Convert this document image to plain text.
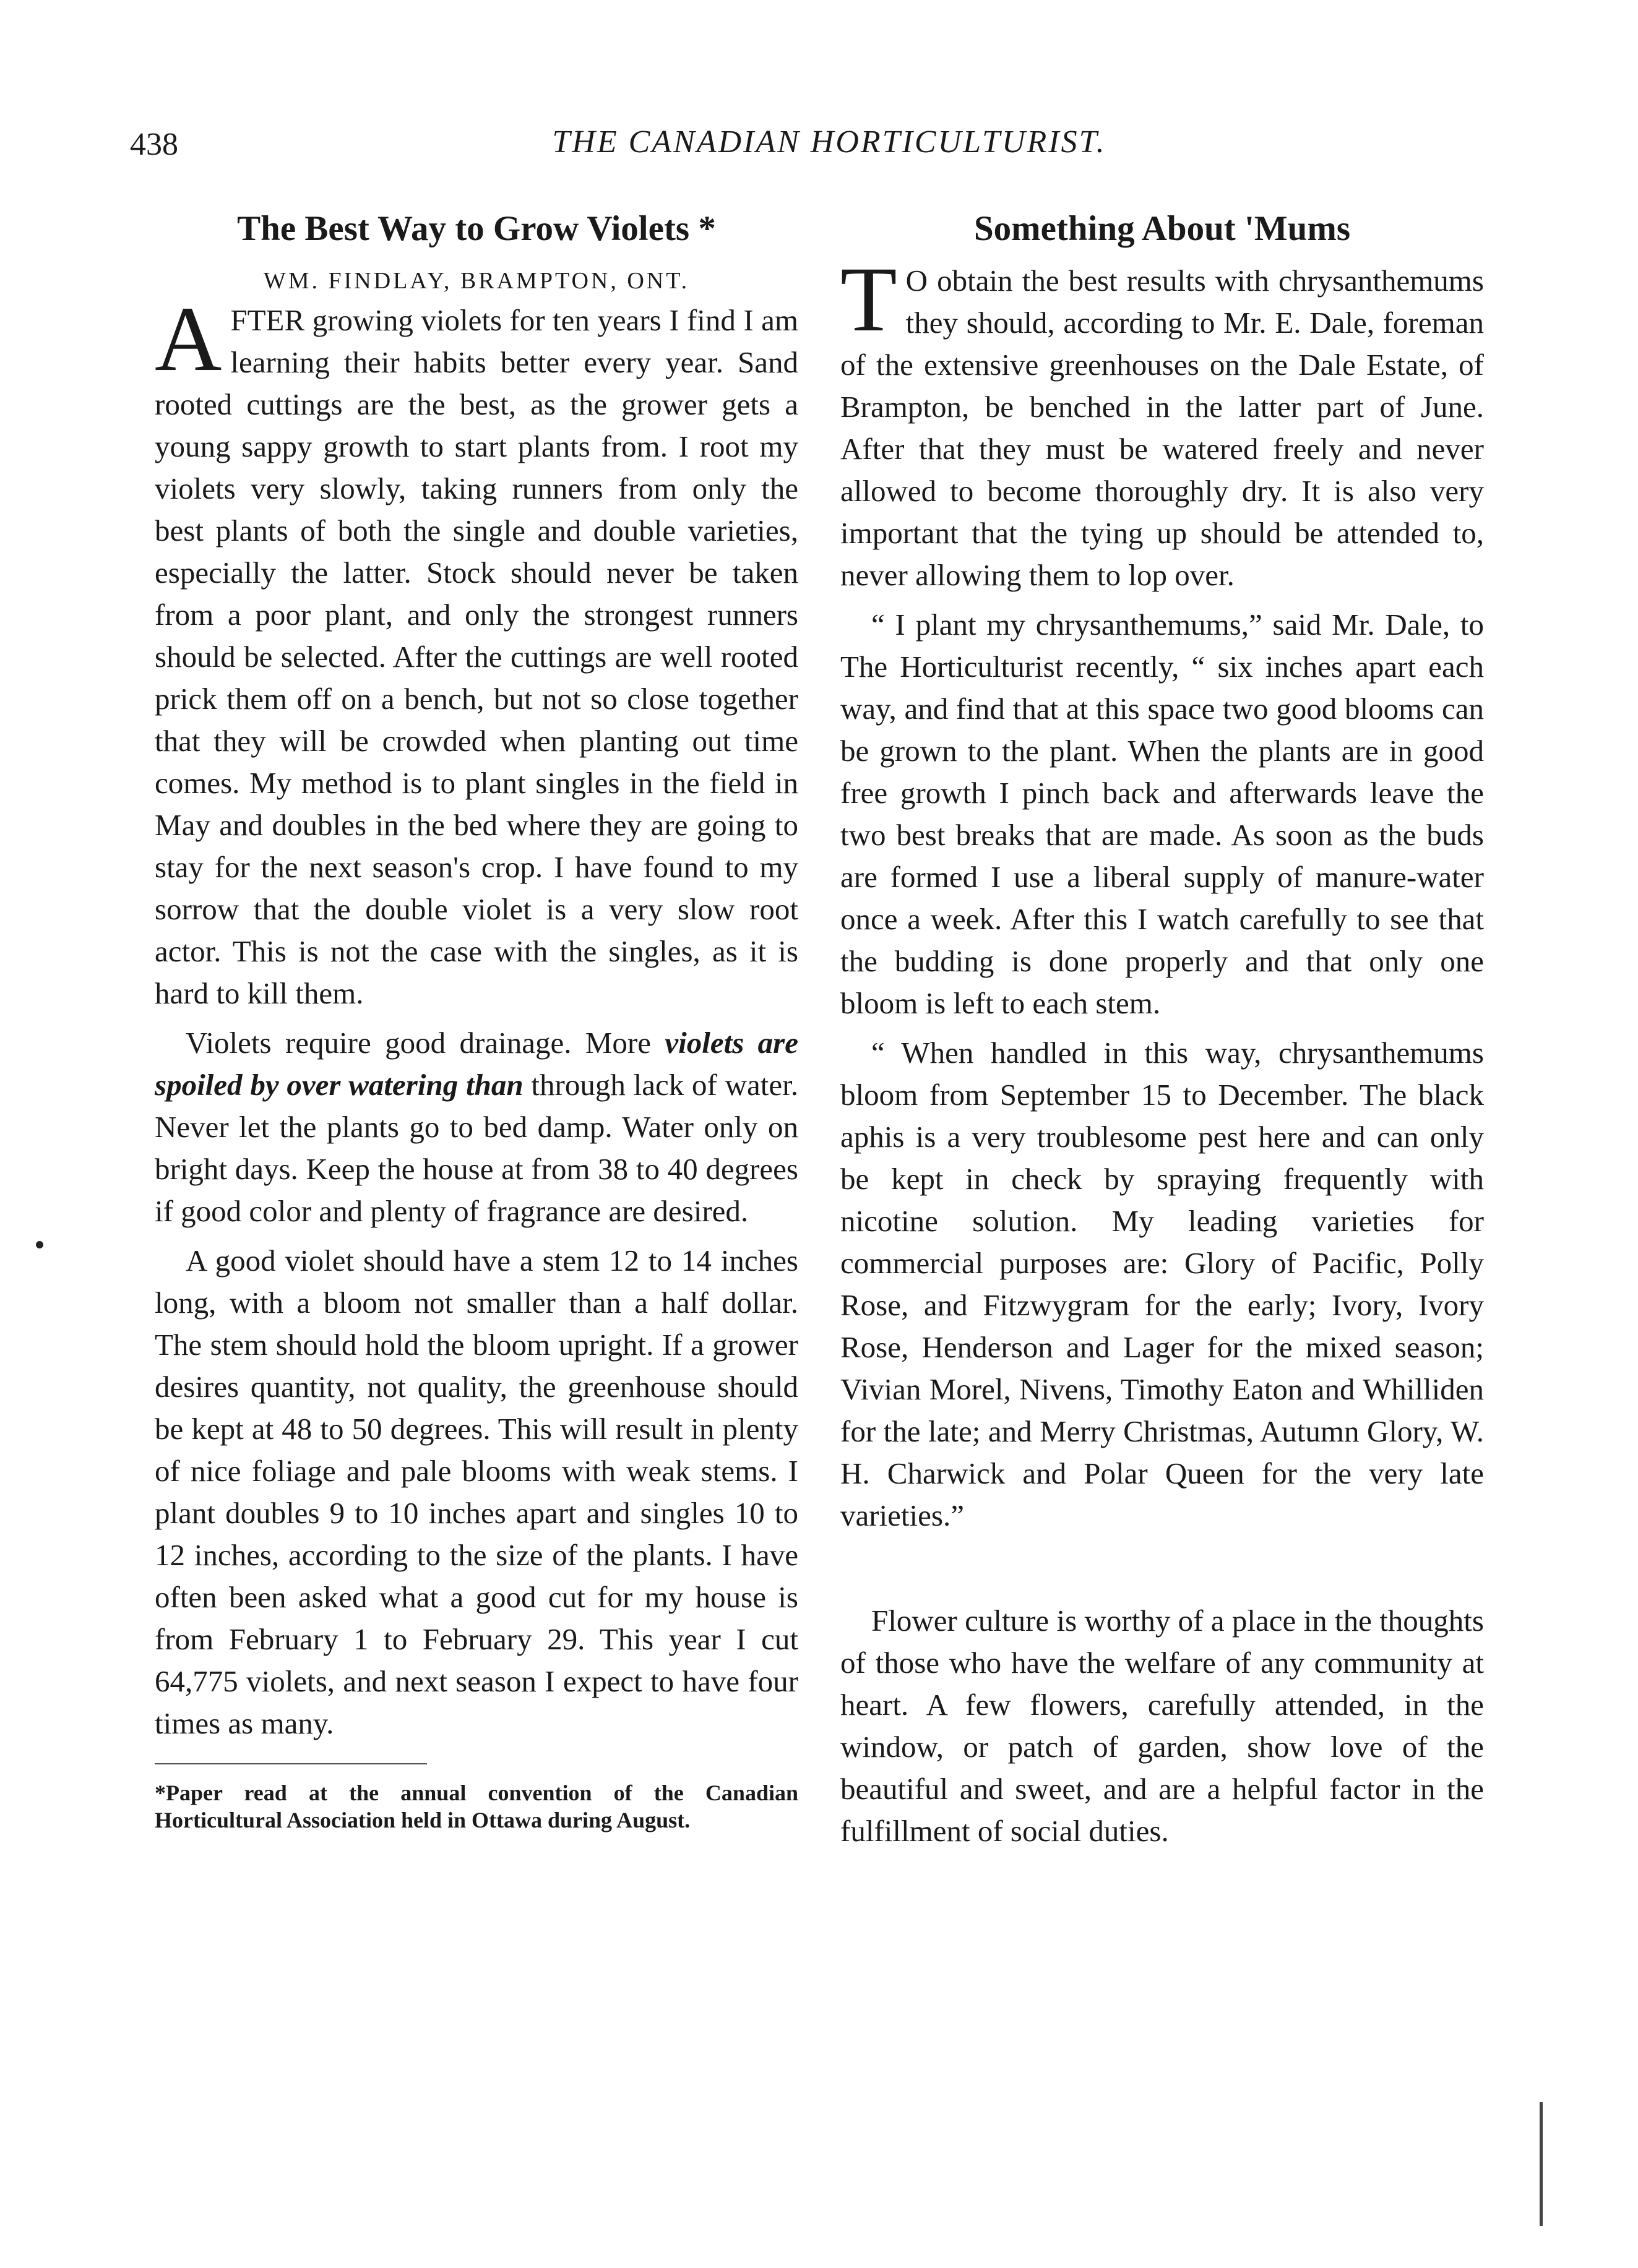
438	THE CANADIAN HORTICULTURIST.
The Best Way to Grow Violets *
WM. FINDLAY, BRAMPTON, ONT.

AFTER growing violets for ten years I find I am learning their habits better every year. Sand rooted cuttings are the best, as the grower gets a young sappy growth to start plants from. I root my violets very slowly, taking runners from only the best plants of both the single and double varieties, especially the latter. Stock should never be taken from a poor plant, and only the strongest runners should be selected. After the cuttings are well rooted prick them off on a bench, but not so close together that they will be crowded when planting out time comes. My method is to plant singles in the field in May and doubles in the bed where they are going to stay for the next season's crop. I have found to my sorrow that the double violet is a very slow root actor. This is not the case with the singles, as it is hard to kill them.

Violets require good drainage. More violets are spoiled by over watering than through lack of water. Never let the plants go to bed damp. Water only on bright days. Keep the house at from 38 to 40 degrees if good color and plenty of fragrance are desired.

A good violet should have a stem 12 to 14 inches long, with a bloom not smaller than a half dollar. The stem should hold the bloom upright. If a grower desires quantity, not quality, the greenhouse should be kept at 48 to 50 degrees. This will result in plenty of nice foliage and pale blooms with weak stems. I plant doubles 9 to 10 inches apart and singles 10 to 12 inches, according to the size of the plants. I have often been asked what a good cut for my house is from February 1 to February 29. This year I cut 64,775 violets, and next season I expect to have four times as many.

*Paper read at the annual convention of the Canadian Horticultural Association held in Ottawa during August.
Something About 'Mums

T O obtain the best results with chrysanthemums they should, according to Mr. E. Dale, foreman of the extensive greenhouses on the Dale Estate, of Brampton, be benched in the latter part of June. After that they must be watered freely and never allowed to become thoroughly dry. It is also very important that the tying up should be attended to, never allowing them to lop over.

“ I plant my chrysanthemums,” said Mr. Dale, to The Horticulturist recently, “ six inches apart each way, and find that at this space two good blooms can be grown to the plant. When the plants are in good free growth I pinch back and afterwards leave the two best breaks that are made. As soon as the buds are formed I use a liberal supply of manure-water once a week. After this I watch carefully to see that the budding is done properly and that only one bloom is left to each stem.

“ When handled in this way, chrysanthemums bloom from September 15 to December. The black aphis is a very troublesome pest here and can only be kept in check by spraying frequently with nicotine solution. My leading varieties for commercial purposes are: Glory of Pacific, Polly Rose, and Fitzwygram for the early; Ivory, Ivory Rose, Henderson and Lager for the mixed season; Vivian Morel, Nivens, Timothy Eaton and Whilliden for the late; and Merry Christmas, Autumn Glory, W. H. Charwick and Polar Queen for the very late varieties.”

Flower culture is worthy of a place in the thoughts of those who have the welfare of any community at heart. A few flowers, carefully attended, in the window, or patch of garden, show love of the beautiful and sweet, and are a helpful factor in the fulfillment of social duties.
